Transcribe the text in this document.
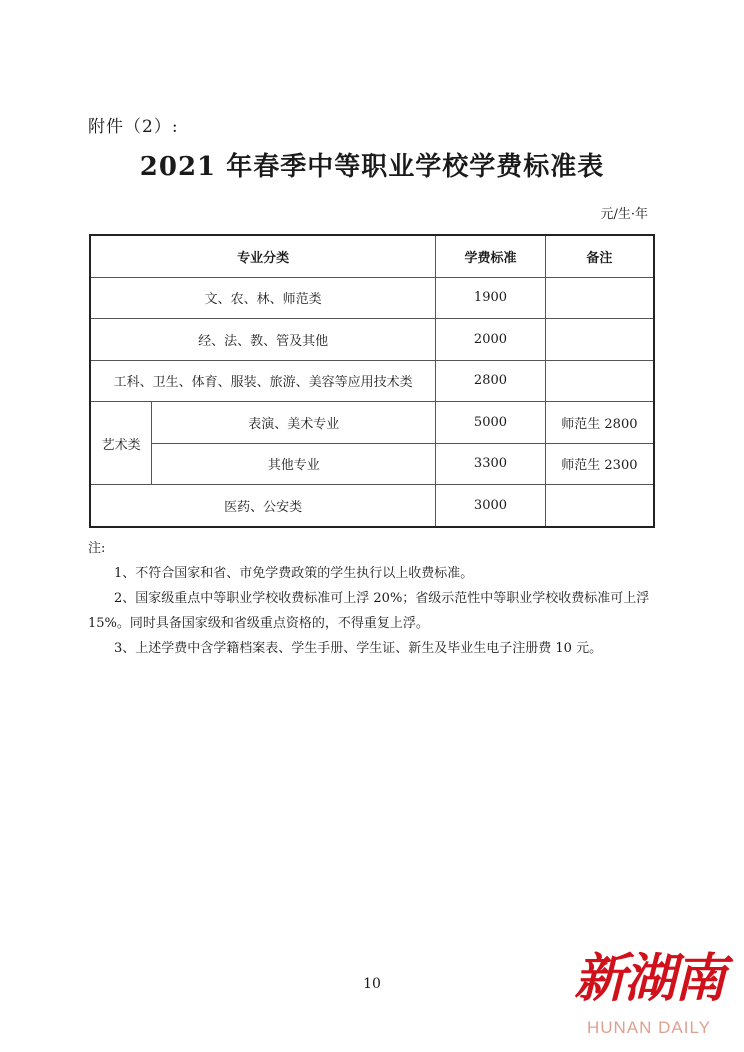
附件（2）:
2021 年春季中等职业学校学费标准表
元/生·年
专业分类		学费标准	备注
文、农、林、师范类		1900	
经、法、教、管及其他		2000	
工科、卫生、体育、服装、旅游、美容等应用技术类		2800	
艺术类	表演、美术专业	5000	师范生 2800
	其他专业	3300	师范生 2300
医药、公安类		3000	

注:

1、不符合国家和省、市免学费政策的学生执行以上收费标准。

2、国家级重点中等职业学校收费标准可上浮 20%；省级示范性中等职业学校收费标准可上浮 15%。同时具备国家级和省级重点资格的，不得重复上浮。

3、上述学费中含学籍档案表、学生手册、学生证、新生及毕业生电子注册费 10 元。

10	新湖南
HUNAN DAILY
